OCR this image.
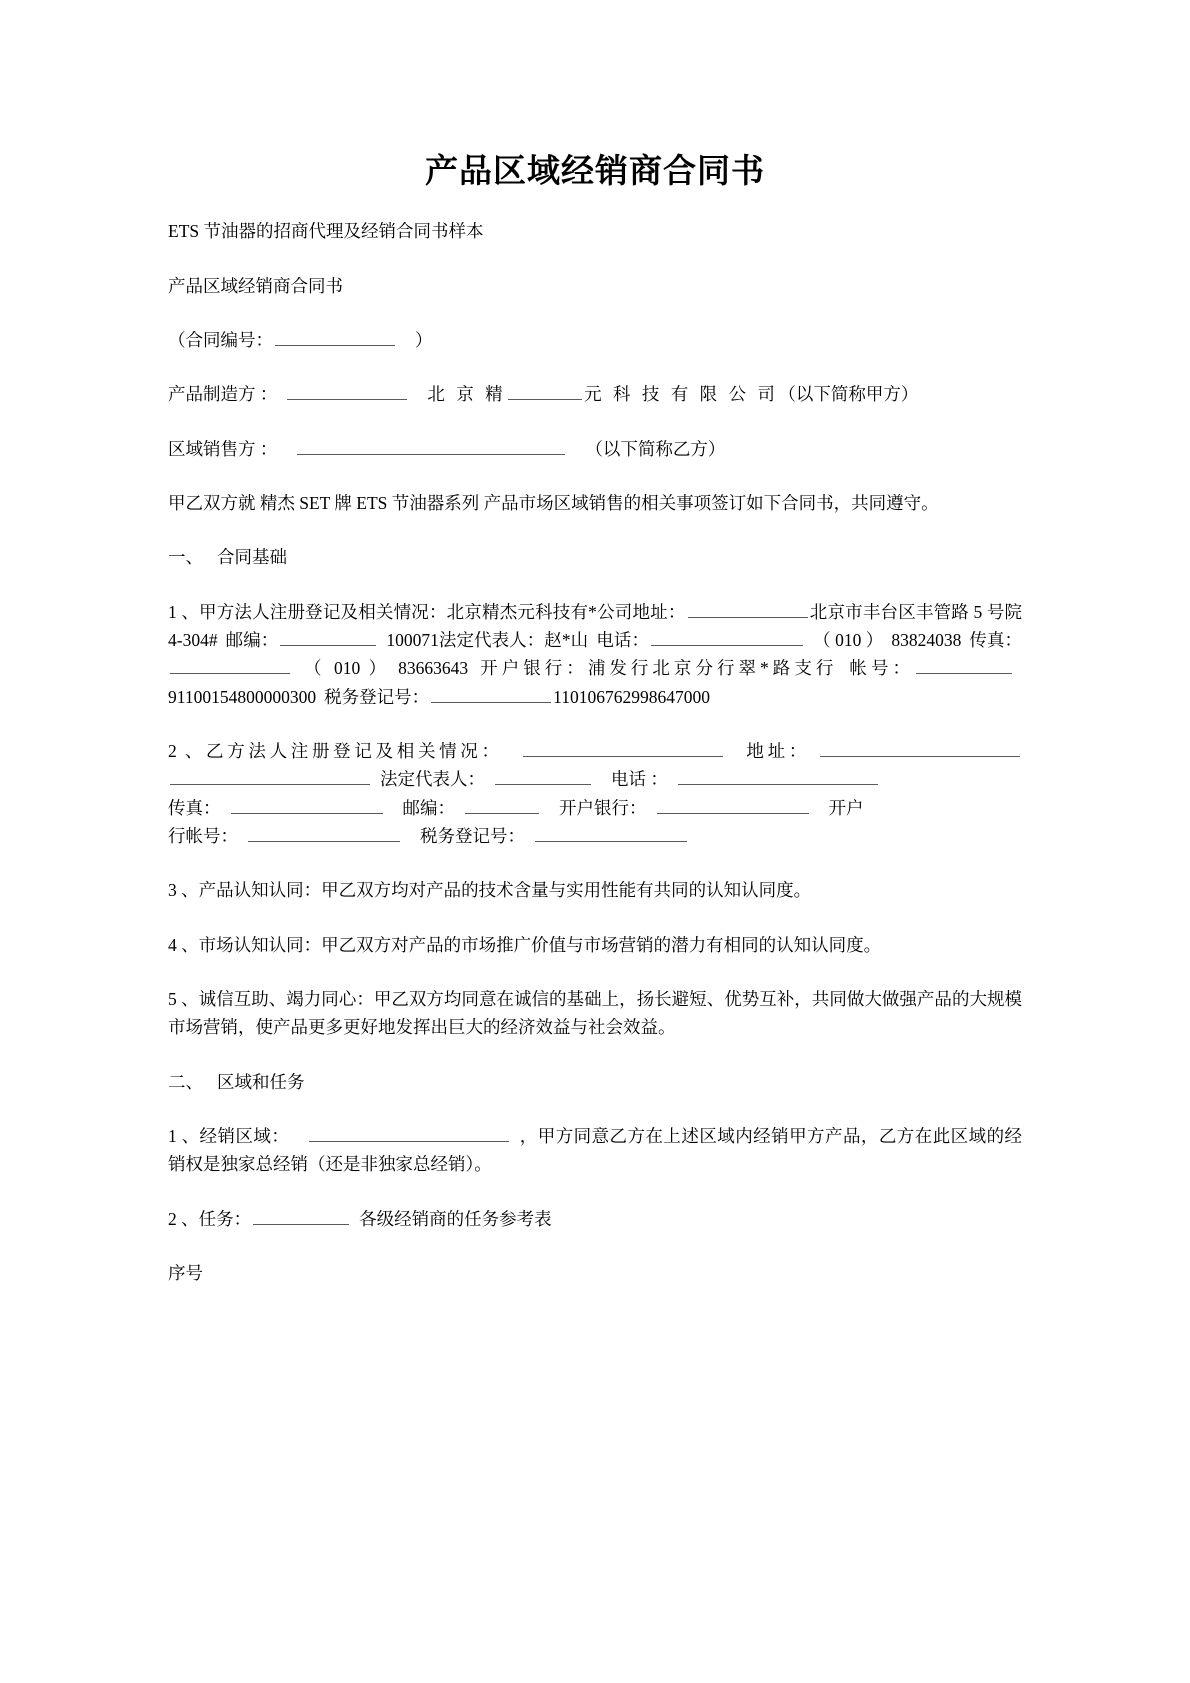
产品区域经销商合同书

ETS 节油器的招商代理及经销合同书样本

产品区域经销商合同书

（合同编号：	）

产品制造方 ：	北 京 精	元 科 技 有 限 公 司（以下简称甲方）

区域销售方 ：	（以下简称乙方）

甲乙双方就 精杰 SET 牌 ETS 节油器系列 产品市场区域销售的相关事项签订如下合同书，共同遵守。

一、 合同基础

1 、甲方法人注册登记及相关情况：北京精杰元科技有*公司地址：	北京市丰台区丰管路 5 号院 4-304# 邮编：	100071法定代表人：赵*山 电话：	（ 010 ） 83824038 传真：（ 010 ） 83663643 开户银行：浦发行北京分行翠*路支行 帐号：91100154800000300 税务登记号：	110106762998647000

2 、乙方法人注册登记及相关情况：	地址：法定代表人：	电话 ：
传真：	邮编：	开户银行：	开户
行帐号：	税务登记号：

3 、产品认知认同：甲乙双方均对产品的技术含量与实用性能有共同的认知认同度。

4 、市场认知认同：甲乙双方对产品的市场推广价值与市场营销的潜力有相同的认知认同度。

5 、诚信互助、竭力同心：甲乙双方均同意在诚信的基础上，扬长避短、优势互补，共同做大做强产品的大规模市场营销，使产品更多更好地发挥出巨大的经济效益与社会效益。

二、 区域和任务

1 、经销区域：	，甲方同意乙方在上述区域内经销甲方产品，乙方在此区域的经销权是独家总经销（还是非独家总经销）。

2 、任务：	各级经销商的任务参考表

序号
